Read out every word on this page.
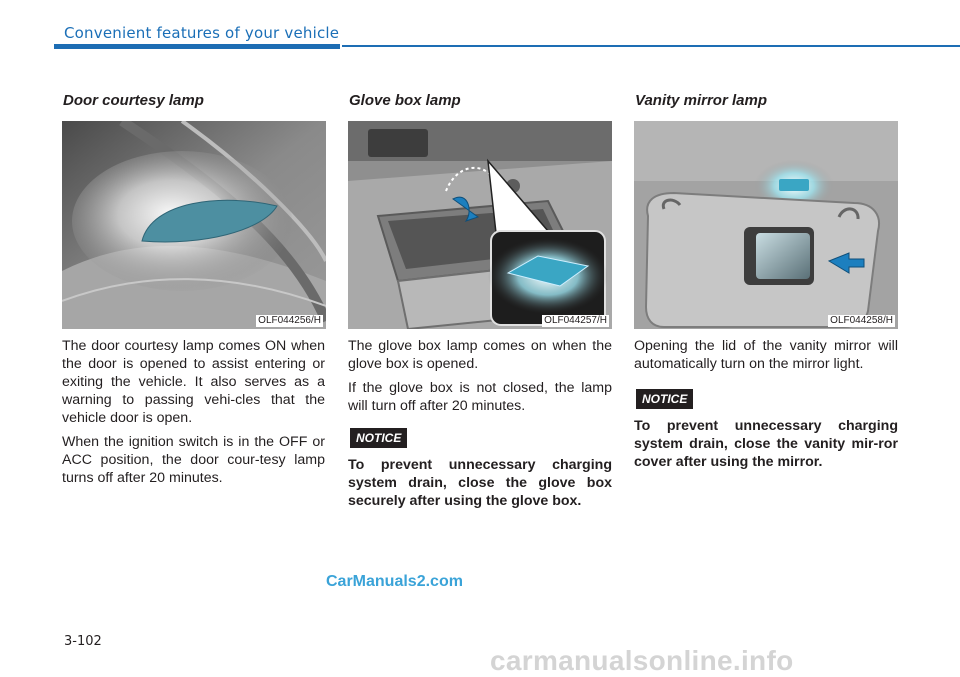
Convenient features of your vehicle
Door courtesy lamp
OLF044256/H

The door courtesy lamp comes ON when the door is opened to assist entering or exiting the vehicle. It also serves as a warning to passing vehi-cles that the vehicle door is open.

When the ignition switch is in the OFF or ACC position, the door cour-tesy lamp turns off after 20 minutes.

Glove box lamp
OLF044257/H

The glove box lamp comes on when the glove box is opened.

If the glove box is not closed, the lamp will turn off after 20 minutes.

NOTICE
To prevent unnecessary charging system drain, close the glove box securely after using the glove box.
Vanity mirror lamp
OLF044258/H

Opening the lid of the vanity mirror will automatically turn on the mirror light.

NOTICE
To prevent unnecessary charging system drain, close the vanity mir-ror cover after using the mirror.
CarManuals2.com
3-102
carmanualsonline.info
